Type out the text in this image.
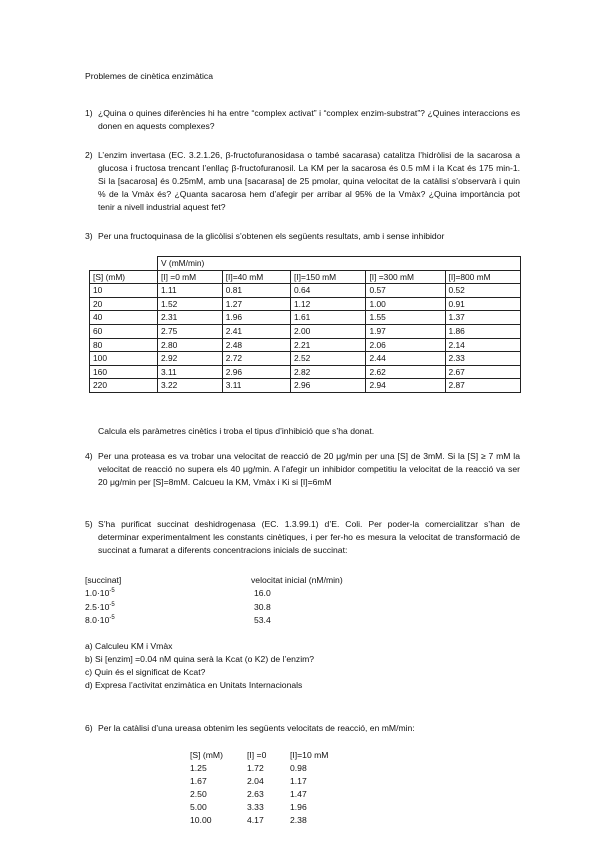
Problemes de cinètica enzimàtica
1) ¿Quina o quines diferències hi ha entre “complex activat” i “complex enzim-substrat”? ¿Quines interaccions es donen en aquests complexes?
2) L’enzim invertasa (EC. 3.2.1.26, β-fructofuranosidasa o també sacarasa) catalitza l’hidròlisi de la sacarosa a glucosa i fructosa trencant l’enllaç β-fructofuranosil. La KM per la sacarosa és 0.5 mM i la Kcat és 175 min-1. Si la [sacarosa] és 0.25mM, amb una [sacarasa] de 25 pmolar, quina velocitat de la catàlisi s’observarà i quin % de la Vmàx és? ¿Quanta sacarosa hem d’afegir per arribar al 95% de la Vmàx? ¿Quina importància pot tenir a nivell industrial aquest fet?
3) Per una fructoquinasa de la glicòlisi s’obtenen els següents resultats, amb i sense inhibidor
	V (mM/min)				
[S] (mM)	[I] =0 mM	[I]=40 mM	[I]=150 mM	[I] =300 mM	[I]=800 mM
10	1.11	0.81	0.64	0.57	0.52
20	1.52	1.27	1.12	1.00	0.91
40	2.31	1.96	1.61	1.55	1.37
60	2.75	2.41	2.00	1.97	1.86
80	2.80	2.48	2.21	2.06	2.14
100	2.92	2.72	2.52	2.44	2.33
160	3.11	2.96	2.82	2.62	2.67
220	3.22	3.11	2.96	2.94	2.87
Calcula els paràmetres cinètics i troba el tipus d’inhibició que s’ha donat.
4) Per una proteasa es va trobar una velocitat de reacció de 20 μg/min per una [S] de 3mM. Si la [S] ≥ 7 mM la velocitat de reacció no supera els 40 μg/min. A l’afegir un inhibidor competitiu la velocitat de la reacció va ser 20 μg/min per [S]=8mM. Calcueu la KM, Vmàx i Ki si [I]=6mM
5) S’ha purificat succinat deshidrogenasa (EC. 1.3.99.1) d’E. Coli. Per poder-la comercialitzar s’han de determinar experimentalment les constants cinètiques, i per fer-ho es mesura la velocitat de transformació de succinat a fumarat a diferents concentracions inicials de succinat:
[succinat]	velocitat inicial (nM/min)
$1.0\cdot 10^{-5}$	16.0
$2.5\cdot 10^{-5}$	30.8
$8.0\cdot 10^{-5}$	53.4
a) Calculeu KM i Vmàx
b) Si [enzim] =0.04 nM quina serà la Kcat (o K2) de l’enzim?
c) Quin és el significat de Kcat?
d) Expresa l’activitat enzimàtica en Unitats Internacionals
6) Per la catàlisi d’una ureasa obtenim les següents velocitats de reacció, en mM/min:
[S] (mM)	[I] =0	[I]=10 mM
1.25	1.72	0.98
1.67	2.04	1.17
2.50	2.63	1.47
5.00	3.33	1.96
10.00	4.17	2.38
